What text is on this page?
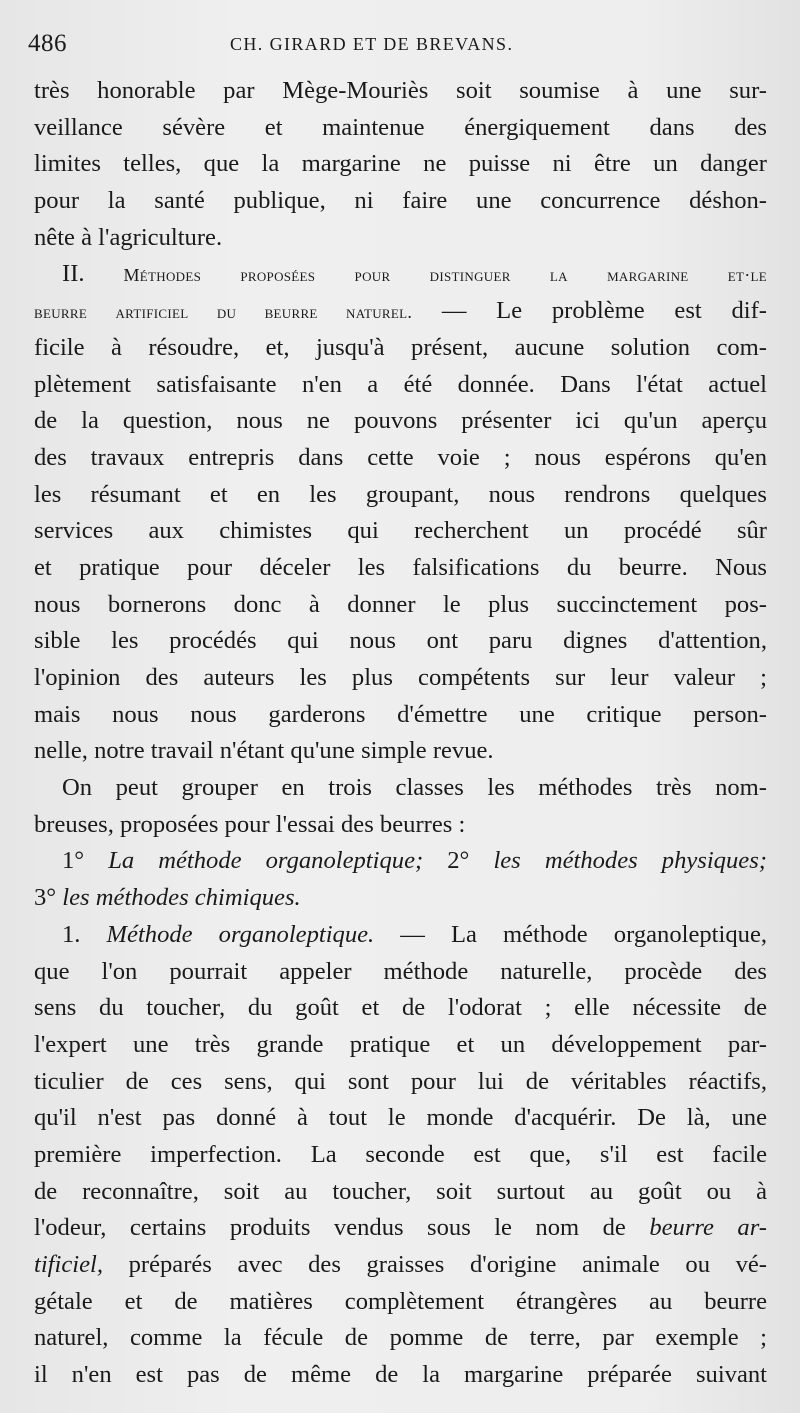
486	CH. GIRARD ET DE BREVANS.
très honorable par Mège-Mouriès soit soumise à une sur-
veillance sévère et maintenue énergiquement dans des
limites telles, que la margarine ne puisse ni être un danger
pour la santé publique, ni faire une concurrence déshon-
nête à l'agriculture.
II. Méthodes proposées pour distinguer la margarine et·le
beurre artificiel du beurre naturel. — Le problème est dif-
ficile à résoudre, et, jusqu'à présent, aucune solution com-
plètement satisfaisante n'en a été donnée. Dans l'état actuel
de la question, nous ne pouvons présenter ici qu'un aperçu
des travaux entrepris dans cette voie ; nous espérons qu'en
les résumant et en les groupant, nous rendrons quelques
services aux chimistes qui recherchent un procédé sûr
et pratique pour déceler les falsifications du beurre. Nous
nous bornerons donc à donner le plus succinctement pos-
sible les procédés qui nous ont paru dignes d'attention,
l'opinion des auteurs les plus compétents sur leur valeur ;
mais nous nous garderons d'émettre une critique person-
nelle, notre travail n'étant qu'une simple revue.
On peut grouper en trois classes les méthodes très nom-
breuses, proposées pour l'essai des beurres :
1° La méthode organoleptique; 2° les méthodes physiques;
3° les méthodes chimiques.
1. Méthode organoleptique. — La méthode organoleptique,
que l'on pourrait appeler méthode naturelle, procède des
sens du toucher, du goût et de l'odorat ; elle nécessite de
l'expert une très grande pratique et un développement par-
ticulier de ces sens, qui sont pour lui de véritables réactifs,
qu'il n'est pas donné à tout le monde d'acquérir. De là, une
première imperfection. La seconde est que, s'il est facile
de reconnaître, soit au toucher, soit surtout au goût ou à
l'odeur, certains produits vendus sous le nom de beurre ar-
tificiel, préparés avec des graisses d'origine animale ou vé-
gétale et de matières complètement étrangères au beurre
naturel, comme la fécule de pomme de terre, par exemple ;
il n'en est pas de même de la margarine préparée suivant
